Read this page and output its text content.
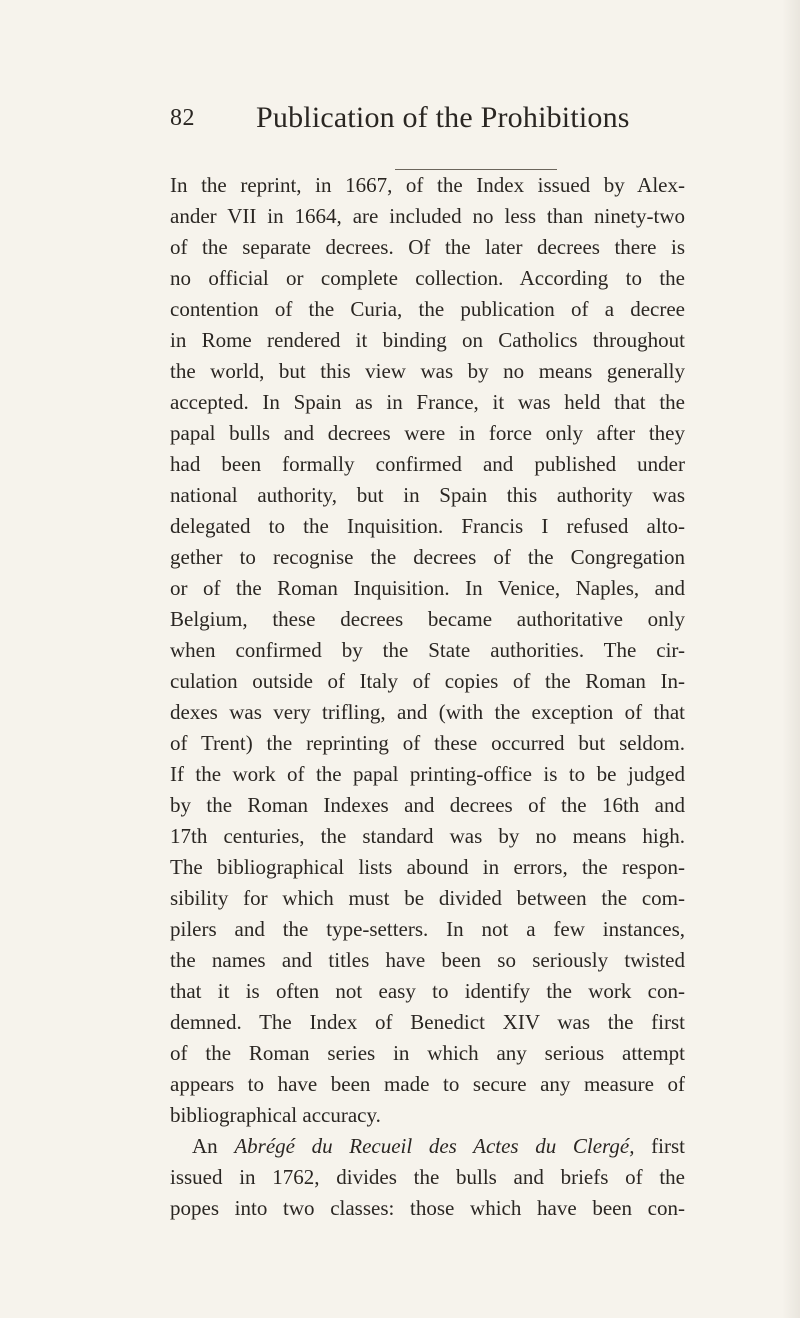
82 Publication of the Prohibitions
In the reprint, in 1667, of the Index issued by Alex-
ander VII in 1664, are included no less than ninety-two
of the separate decrees. Of the later decrees there is
no official or complete collection. According to the
contention of the Curia, the publication of a decree
in Rome rendered it binding on Catholics throughout
the world, but this view was by no means generally
accepted. In Spain as in France, it was held that the
papal bulls and decrees were in force only after they
had been formally confirmed and published under
national authority, but in Spain this authority was
delegated to the Inquisition. Francis I refused alto-
gether to recognise the decrees of the Congregation
or of the Roman Inquisition. In Venice, Naples, and
Belgium, these decrees became authoritative only
when confirmed by the State authorities. The cir-
culation outside of Italy of copies of the Roman In-
dexes was very trifling, and (with the exception of that
of Trent) the reprinting of these occurred but seldom.
If the work of the papal printing-office is to be judged
by the Roman Indexes and decrees of the 16th and
17th centuries, the standard was by no means high.
The bibliographical lists abound in errors, the respon-
sibility for which must be divided between the com-
pilers and the type-setters. In not a few instances,
the names and titles have been so seriously twisted
that it is often not easy to identify the work con-
demned. The Index of Benedict XIV was the first
of the Roman series in which any serious attempt
appears to have been made to secure any measure of
bibliographical accuracy.
An Abrégé du Recueil des Actes du Clergé, first
issued in 1762, divides the bulls and briefs of the
popes into two classes: those which have been con-
